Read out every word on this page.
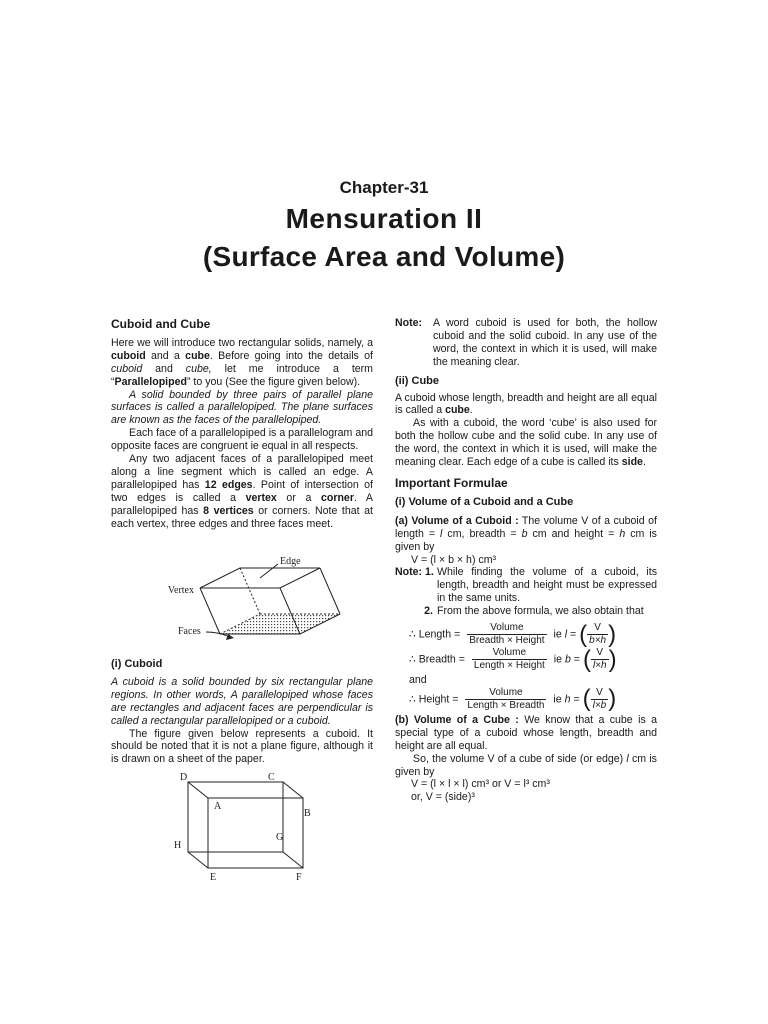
Chapter-31
Mensuration II
(Surface Area and Volume)

Cuboid and Cube

Here we will introduce two rectangular solids, namely, a cuboid and a cube. Before going into the details of cuboid and cube, let me introduce a term “Parallelopiped” to you (See the figure given below).

A solid bounded by three pairs of parallel plane surfaces is called a parallelopiped. The plane surfaces are known as the faces of the parallelopiped.

Each face of a parallelopiped is a parallelogram and opposite faces are congruent ie equal in all respects.

Any two adjacent faces of a parallelopiped meet along a line segment which is called an edge. A parallelopiped has 12 edges. Point of intersection of two edges is called a vertex or a corner. A parallelopiped has 8 vertices or corners. Note that at each vertex, three edges and three faces meet.

Edge
Vertex
Faces

(i) Cuboid

A cuboid is a solid bounded by six rectangular plane regions. In other words, A parallelopiped whose faces are rectangles and adjacent faces are perpendicular is called a rectangular parallelopiped or a cuboid.

The figure given below represents a cuboid. It should be noted that it is not a plane figure, although it is drawn on a sheet of the paper.

D	C
A
B
G
H
E	F
Note:	A word cuboid is used for both, the hollow cuboid and the solid cuboid. In any use of the word, the context in which it is used, will make the meaning clear.

(ii) Cube

A cuboid whose length, breadth and height are all equal is called a cube.

As with a cuboid, the word ‘cube’ is also used for both the hollow cube and the solid cube. In any use of the word, the context in which it is used, will make the meaning clear. Each edge of a cube is called its side.

Important Formulae

(i) Volume of a Cuboid and a Cube

(a) Volume of a Cuboid : The volume V of a cuboid of length = l cm, breadth = b cm and height = h cm is given by

V = (l × b × h) cm³

Note: 1. While finding the volume of a cuboid, its length, breadth and height must be expressed in the same units.

2. From the above formula, we also obtain that

∴ Length = $\frac{\text{Volume}}{\text{Breadth × Height}}$ ie l = ( $\frac{V}{b\times h}$ )
∴ Breadth = $\frac{\text{Volume}}{\text{Length × Height}}$ ie b = ( $\frac{V}{l\times h}$ )

and

∴ Height = $\frac{\text{Volume}}{\text{Length × Breadth}}$ ie h = ( $\frac{V}{l\times b}$ )

(b) Volume of a Cube : We know that a cube is a special type of a cuboid whose length, breadth and height are all equal.

So, the volume V of a cube of side (or edge) l cm is given by

V = (l × l × l) cm³ or V = l³ cm³

or, V = (side)³
